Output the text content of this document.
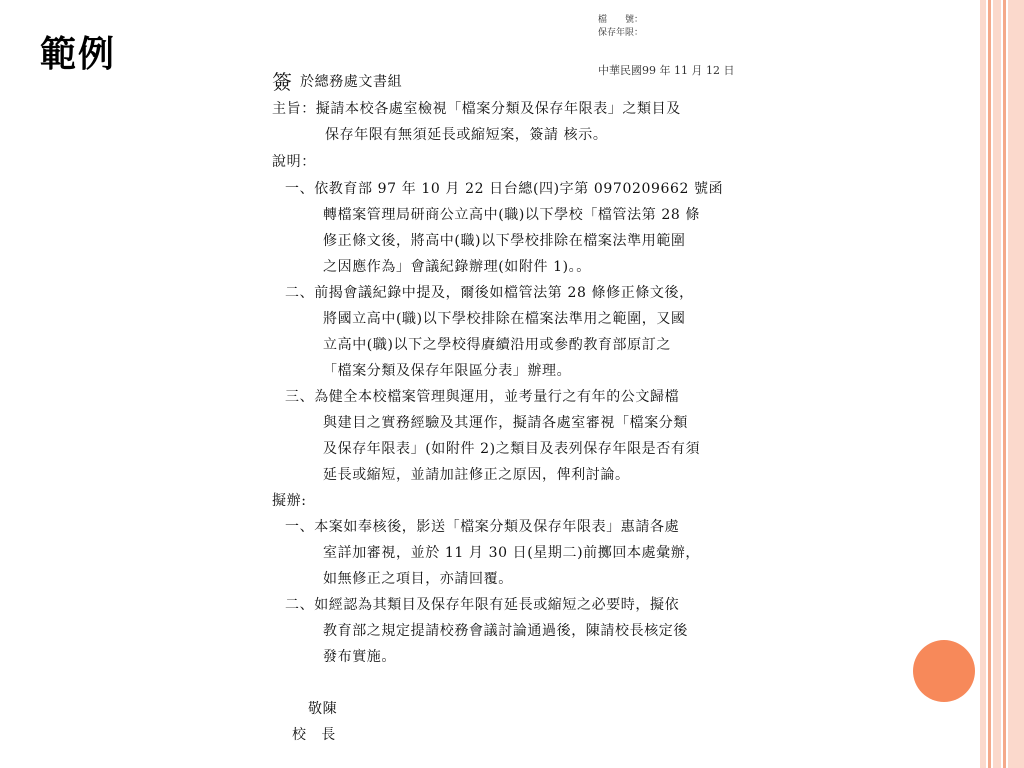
範例
檔　　號：
保存年限：
中華民國99 年 11 月 12 日
簽 於總務處文書組
主旨：擬請本校各處室檢視「檔案分類及保存年限表」之類目及
保存年限有無須延長或縮短案，簽請 核示。
說明：
一、依教育部 97 年 10 月 22 日台總(四)字第 0970209662 號函
轉檔案管理局研商公立高中(職)以下學校「檔管法第 28 條
修正條文後，將高中(職)以下學校排除在檔案法準用範圍
之因應作為」會議紀錄辦理(如附件 1)。。
二、前揭會議紀錄中提及，爾後如檔管法第 28 條修正條文後，
將國立高中(職)以下學校排除在檔案法準用之範圍，又國
立高中(職)以下之學校得賡續沿用或參酌教育部原訂之
「檔案分類及保存年限區分表」辦理。
三、為健全本校檔案管理與運用，並考量行之有年的公文歸檔
與建目之實務經驗及其運作，擬請各處室審視「檔案分類
及保存年限表」(如附件 2)之類目及表列保存年限是否有須
延長或縮短，並請加註修正之原因，俾利討論。
擬辦:
一、本案如奉核後，影送「檔案分類及保存年限表」惠請各處
室詳加審視，並於 11 月 30 日(星期二)前擲回本處彙辦，
如無修正之項目，亦請回覆。
二、如經認為其類目及保存年限有延長或縮短之必要時，擬依
教育部之規定提請校務會議討論通過後，陳請校長核定後
發布實施。
敬陳
校　長
